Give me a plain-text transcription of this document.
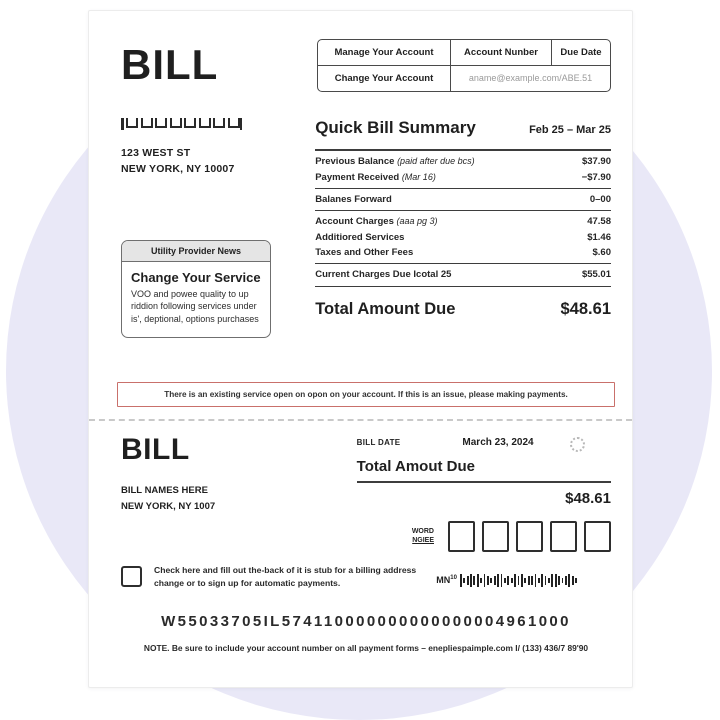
BILL	Manage Your Account	Account Nunber	Due Date
Change Your Account	aname@example.com/ABE.51
123 WEST ST
NEW YORK, NY 10007
Utility Provider News
Change Your Service
VOO and powee quality to up riddion following services under is', deptional, options purchases
Quick Bill Summary	Feb 25 – Mar 25
Previous Balance (paid after due bcs)	$37.90
Payment Received (Mar 16)	−$7.90
Balanes Forward	0–00
Account Charges (aaa pg 3)	47.58
Additiored Services	$1.46
Taxes and Other Fees	$.60
Current Charges Due Icotal 25	$55.01
Total Amount Due	$48.61
There is an existing service open on opon on your account. If this is an issue, please making payments.
BILL
BILL NAMES HERE
NEW YORK, NY 1007
BILL DATE	March 23, 2024
Total Amout Due
$48.61
WORD
NGIEE
Check here and fill out the-back of it is stub for a billing address change or to sign up for automatic payments.	MN$^{10}$
W55033705IL574110000000000000004961000
NOTE. Be sure to include your account number on all payment forms – enepliespaimple.com I/ (133) 436/7 89'90
